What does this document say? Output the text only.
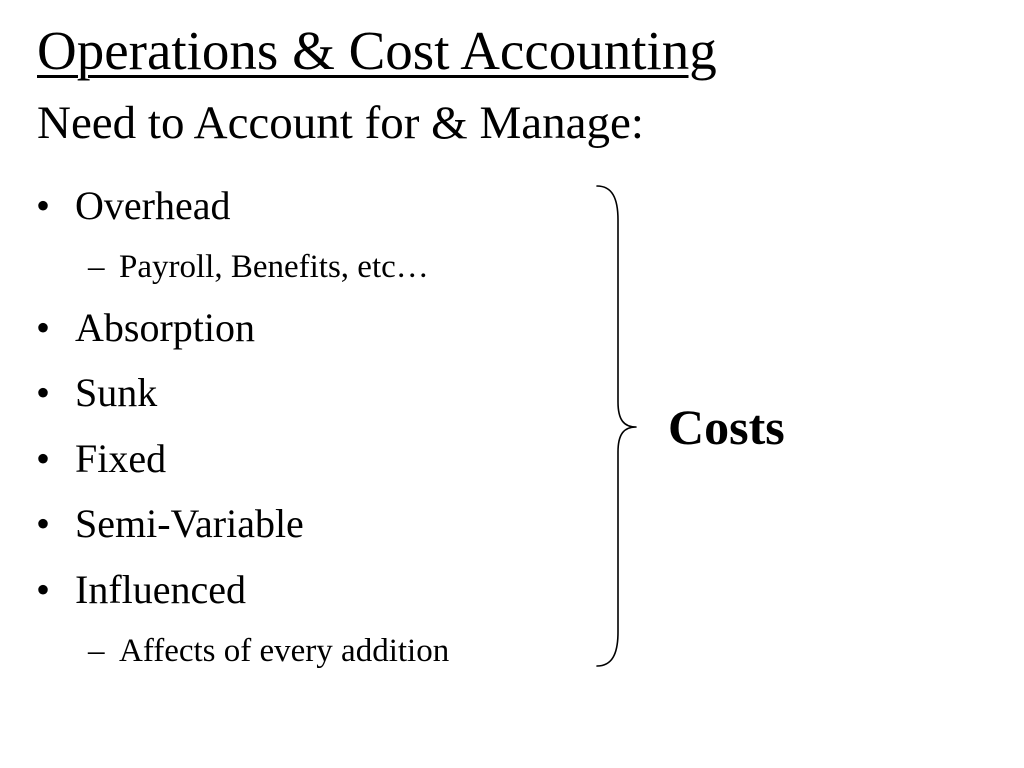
Operations & Cost Accounting
Need to Account for & Manage:
• Overhead
– Payroll, Benefits, etc…
• Absorption
• Sunk
• Fixed
• Semi-Variable
• Influenced
– Affects of every addition
Costs
